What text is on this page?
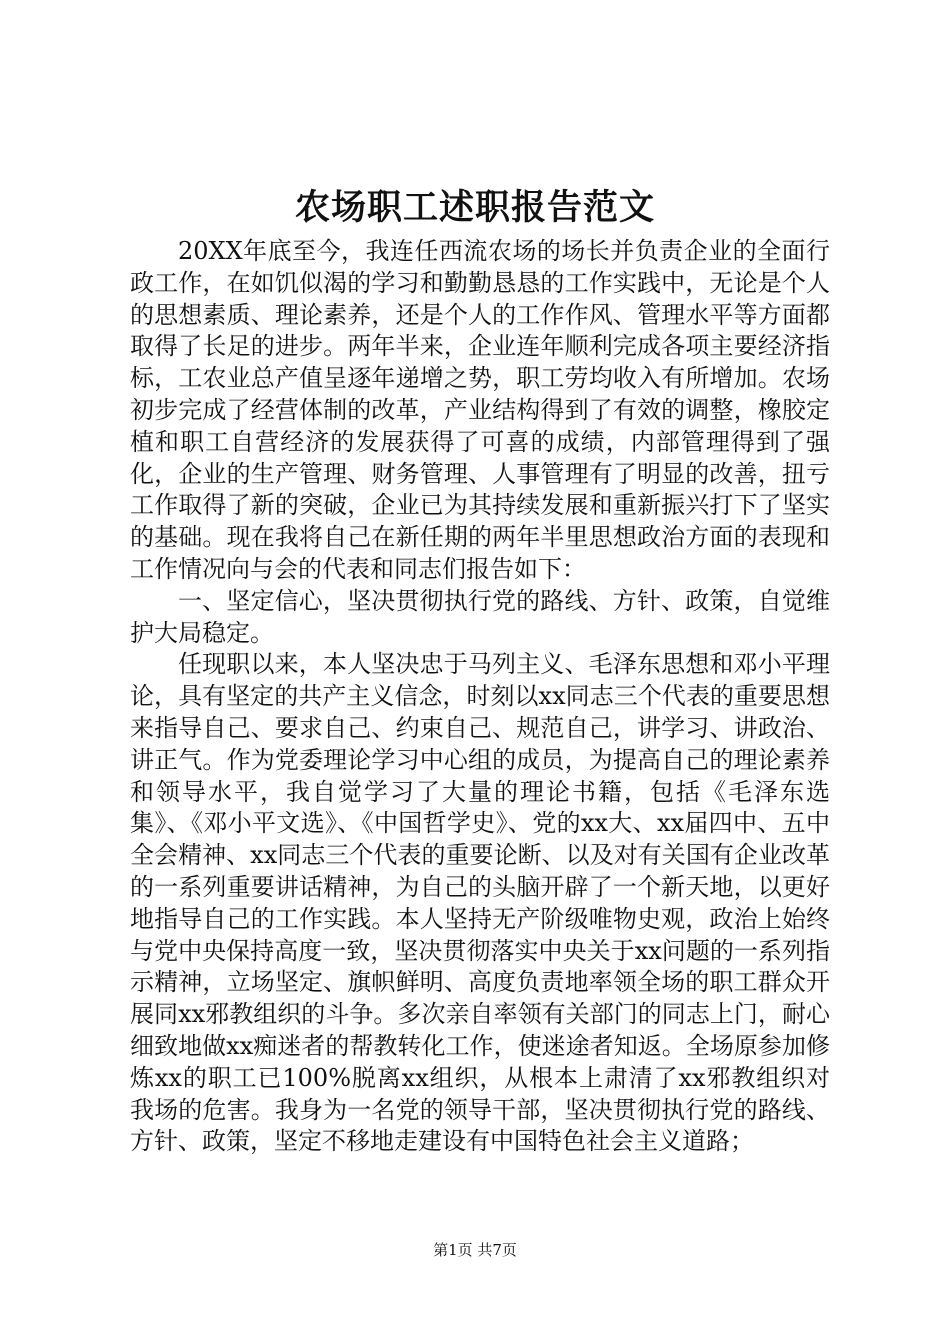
农场职工述职报告范文

20XX年底至今，我连任西流农场的场长并负责企业的全面行政工作，在如饥似渴的学习和勤勤恳恳的工作实践中，无论是个人的思想素质、理论素养，还是个人的工作作风、管理水平等方面都取得了长足的进步。两年半来，企业连年顺利完成各项主要经济指标，工农业总产值呈逐年递增之势，职工劳均收入有所增加。农场初步完成了经营体制的改革，产业结构得到了有效的调整，橡胶定植和职工自营经济的发展获得了可喜的成绩，内部管理得到了强化，企业的生产管理、财务管理、人事管理有了明显的改善，扭亏工作取得了新的突破，企业已为其持续发展和重新振兴打下了坚实的基础。现在我将自己在新任期的两年半里思想政治方面的表现和工作情况向与会的代表和同志们报告如下：

一、坚定信心，坚决贯彻执行党的路线、方针、政策，自觉维护大局稳定。

任现职以来，本人坚决忠于马列主义、毛泽东思想和邓小平理论，具有坚定的共产主义信念，时刻以xx同志三个代表的重要思想来指导自己、要求自己、约束自己、规范自己，讲学习、讲政治、讲正气。作为党委理论学习中心组的成员，为提高自己的理论素养和领导水平，我自觉学习了大量的理论书籍，包括《毛泽东选集》、《邓小平文选》、《中国哲学史》、党的xx大、xx届四中、五中全会精神、xx同志三个代表的重要论断、以及对有关国有企业改革的一系列重要讲话精神，为自己的头脑开辟了一个新天地，以更好地指导自己的工作实践。本人坚持无产阶级唯物史观，政治上始终与党中央保持高度一致，坚决贯彻落实中央关于xx问题的一系列指示精神，立场坚定、旗帜鲜明、高度负责地率领全场的职工群众开展同xx邪教组织的斗争。多次亲自率领有关部门的同志上门，耐心细致地做xx痴迷者的帮教转化工作，使迷途者知返。全场原参加修炼xx的职工已100%脱离xx组织，从根本上肃清了xx邪教组织对我场的危害。我身为一名党的领导干部，坚决贯彻执行党的路线、方针、政策，坚定不移地走建设有中国特色社会主义道路；

第1页 共7页
